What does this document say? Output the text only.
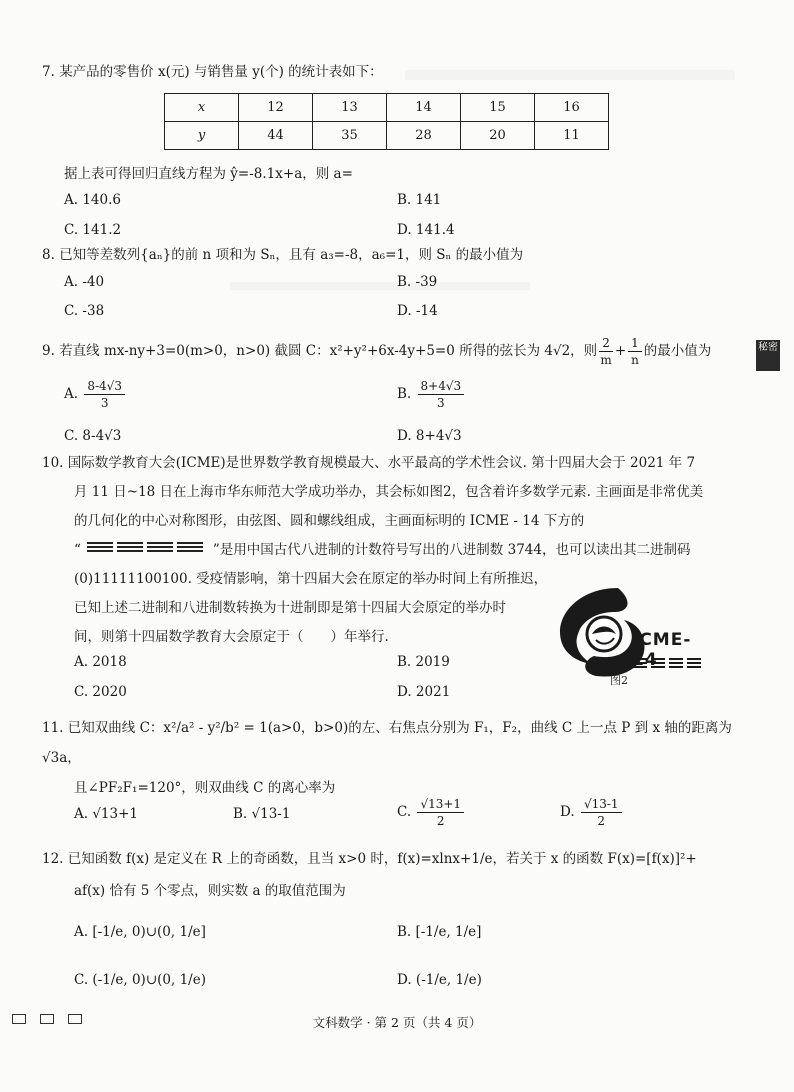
秘密
7. 某产品的零售价 x(元) 与销售量 y(个) 的统计表如下：
x	12	13	14	15	16
y	44	35	28	20	11
据上表可得回归直线方程为 ŷ=-8.1x+a，则 a=
A. 140.6	B. 141
C. 141.2	D. 141.4
8. 已知等差数列{aₙ}的前 n 项和为 Sₙ，且有 a₃=-8，a₆=1，则 Sₙ 的最小值为
A. -40	B. -39
C. -38	D. -14
9. 若直线 mx-ny+3=0(m>0，n>0) 截圆 C：x²+y²+6x-4y+5=0 所得的弦长为 4√2，则 $\frac{2}{m} + \frac{1}{n}$ 的最小值为
A. $\frac{8-4√3}{3}$	B. $\frac{8+4√3}{3}$
C. 8-4√3	D. 8+4√3
10. 国际数学教育大会(ICME)是世界数学教育规模最大、水平最高的学术性会议. 第十四届大会于 2021 年 7
月 11 日~18 日在上海市华东师范大学成功举办，其会标如图2，包含着许多数学元素. 主画面是非常优美
的几何化的中心对称图形，由弦图、圆和螺线组成，主画面标明的 ICME - 14 下方的
“	”是用中国古代八进制的计数符号写出的八进制数 3744，也可以读出其二进制码
(0)11111100100. 受疫情影响，第十四届大会在原定的举办时间上有所推迟，
已知上述二进制和八进制数转换为十进制即是第十四届大会原定的举办时
间，则第十四届数学教育大会原定于（　　）年举行.
A. 2018	B. 2019
C. 2020	D. 2021
ICME-14
图2
11. 已知双曲线 C：x²/a² - y²/b² = 1(a>0，b>0)的左、右焦点分别为 F₁，F₂，曲线 C 上一点 P 到 x 轴的距离为√3a，
且∠PF₂F₁=120°，则双曲线 C 的离心率为
A. √13+1	B. √13-1	C. $\frac{√13+1}{2}$	D. $\frac{√13-1}{2}$
12. 已知函数 f(x) 是定义在 R 上的奇函数，且当 x>0 时，f(x)=xlnx+1/e，若关于 x 的函数 F(x)=[f(x)]²+
af(x) 恰有 5 个零点，则实数 a 的取值范围为
A. [-1/e, 0)∪(0, 1/e]	B. [-1/e, 1/e]
C. (-1/e, 0)∪(0, 1/e)	D. (-1/e, 1/e)
文科数学 · 第 2 页（共 4 页）
